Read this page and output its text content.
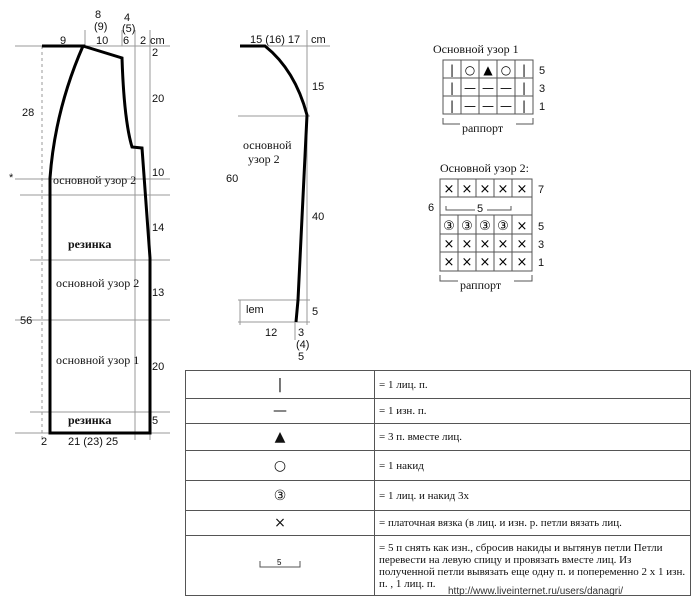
9	10
8
(9)
6
4
(5)
2 cm
2
20
10
14
13
20
5
28
*
56
2 21 (23) 25
основной узор 2
резинка
основной узор 2
основной узор 1
резинка
15 (16) 17 cm
15
40
5
60
основной
узор 2
lem
12 3
(4)
5
Основной узор 1
| ○ ▲ ○ |
| — — — |
| — — — |
5
3
1
раппорт
Основной узор 2:
× × × × ×
③ ③ ③ ③ ×
× × × × ×
× × × × ×
5
6
7
5
3
1
раппорт
|	= 1 лиц. п.
—	= 1 изн. п.
▲	= 3 п. вместе лиц.
○	= 1 накид
③	= 1 лиц. и накид 3х
×	= платочная вязка (в лиц. и изн. р. петли вязать лиц.

5	= 5 п снять как изн., сбросив накиды и вытянув петли Петли перевести на левую спицу и провязать вместе лиц. Из полученной петли вывязать еще одну п. и попеременно 2 х 1 изн. п. , 1 лиц. п.
http://www.liveinternet.ru/users/danagri/
